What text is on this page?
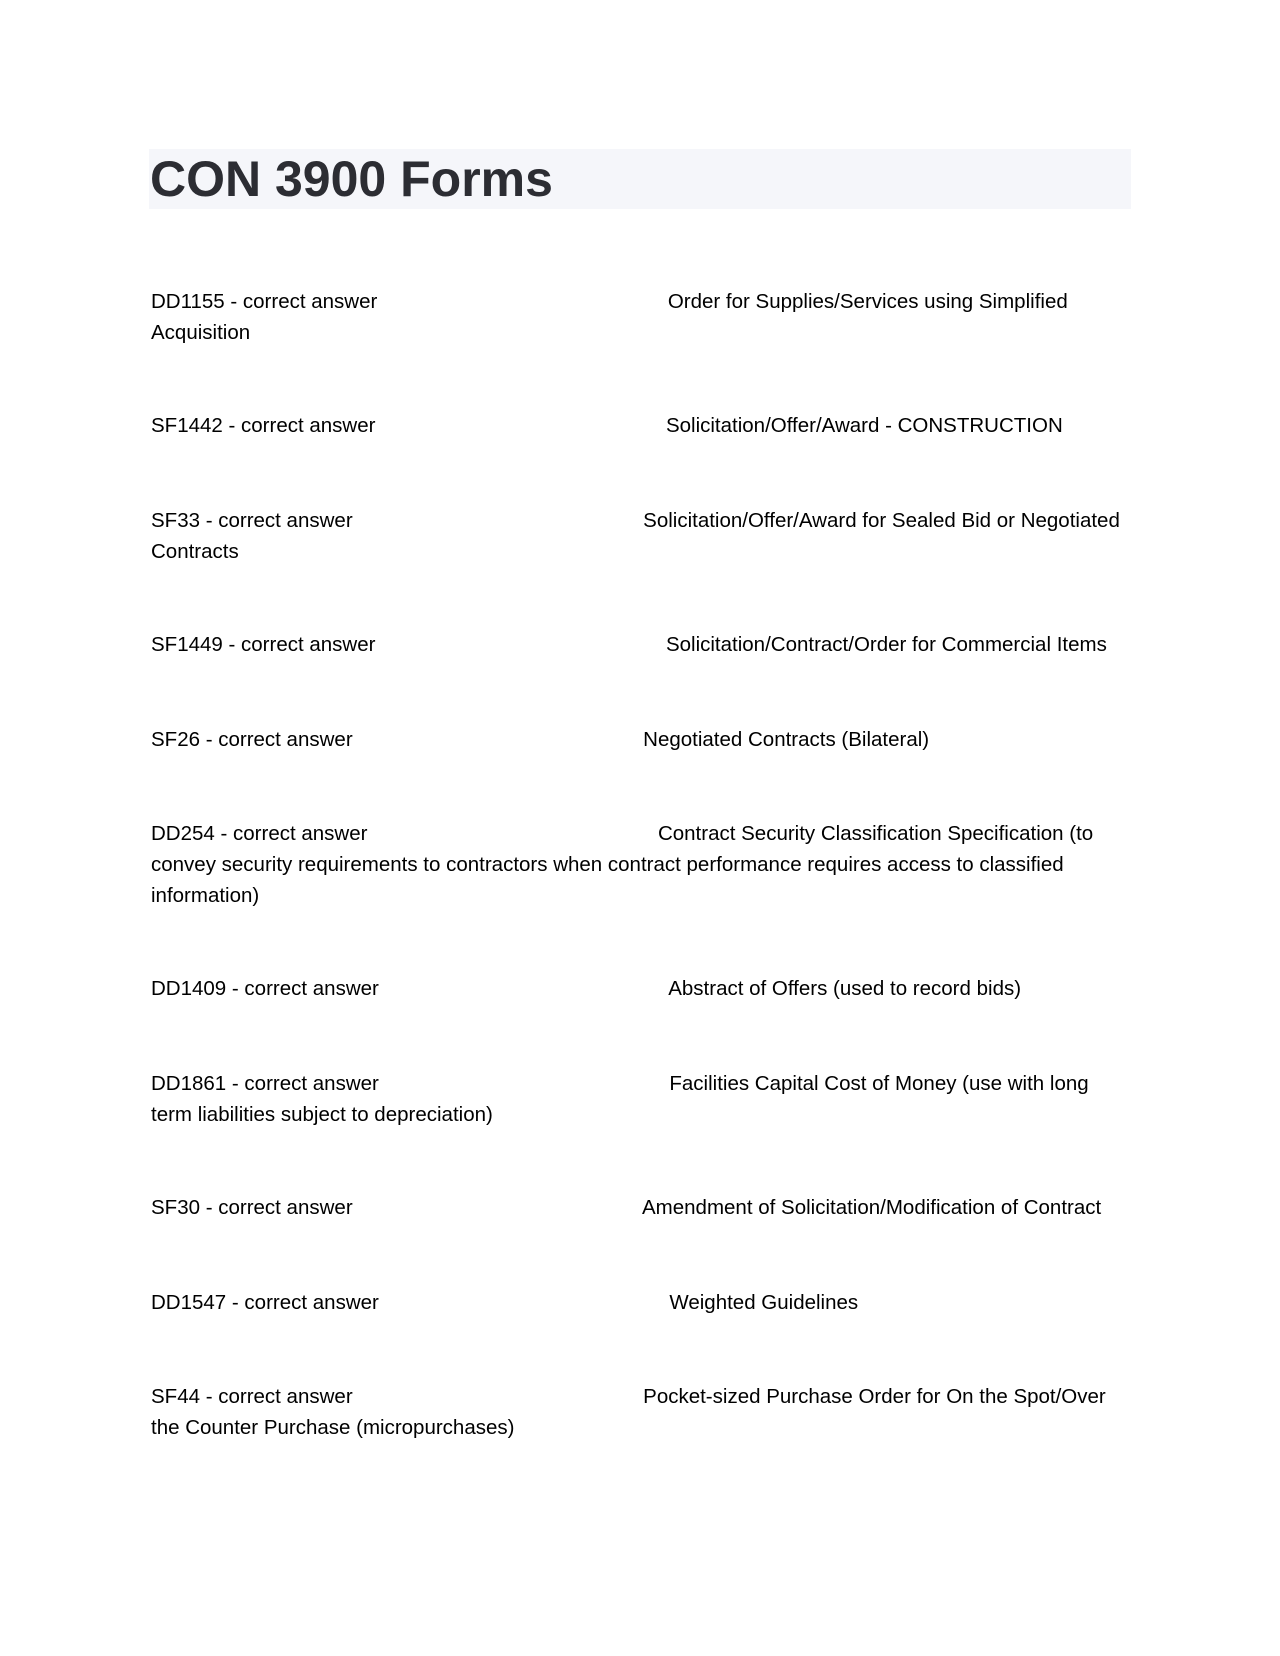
CON 3900 Forms
DD1155 - correct answer	Order for Supplies/Services using Simplified Acquisition
SF1442 - correct answer	Solicitation/Offer/Award - CONSTRUCTION
SF33 - correct answer	Solicitation/Offer/Award for Sealed Bid or Negotiated Contracts
SF1449 - correct answer	Solicitation/Contract/Order for Commercial Items
SF26 - correct answer	Negotiated Contracts (Bilateral)
DD254 - correct answer	Contract Security Classification Specification (to convey security requirements to contractors when contract performance requires access to classified information)
DD1409 - correct answer	Abstract of Offers (used to record bids)
DD1861 - correct answer	Facilities Capital Cost of Money (use with long term liabilities subject to depreciation)
SF30 - correct answer	Amendment of Solicitation/Modification of Contract
DD1547 - correct answer	Weighted Guidelines
SF44 - correct answer	Pocket-sized Purchase Order for On the Spot/Over the Counter Purchase (micropurchases)
